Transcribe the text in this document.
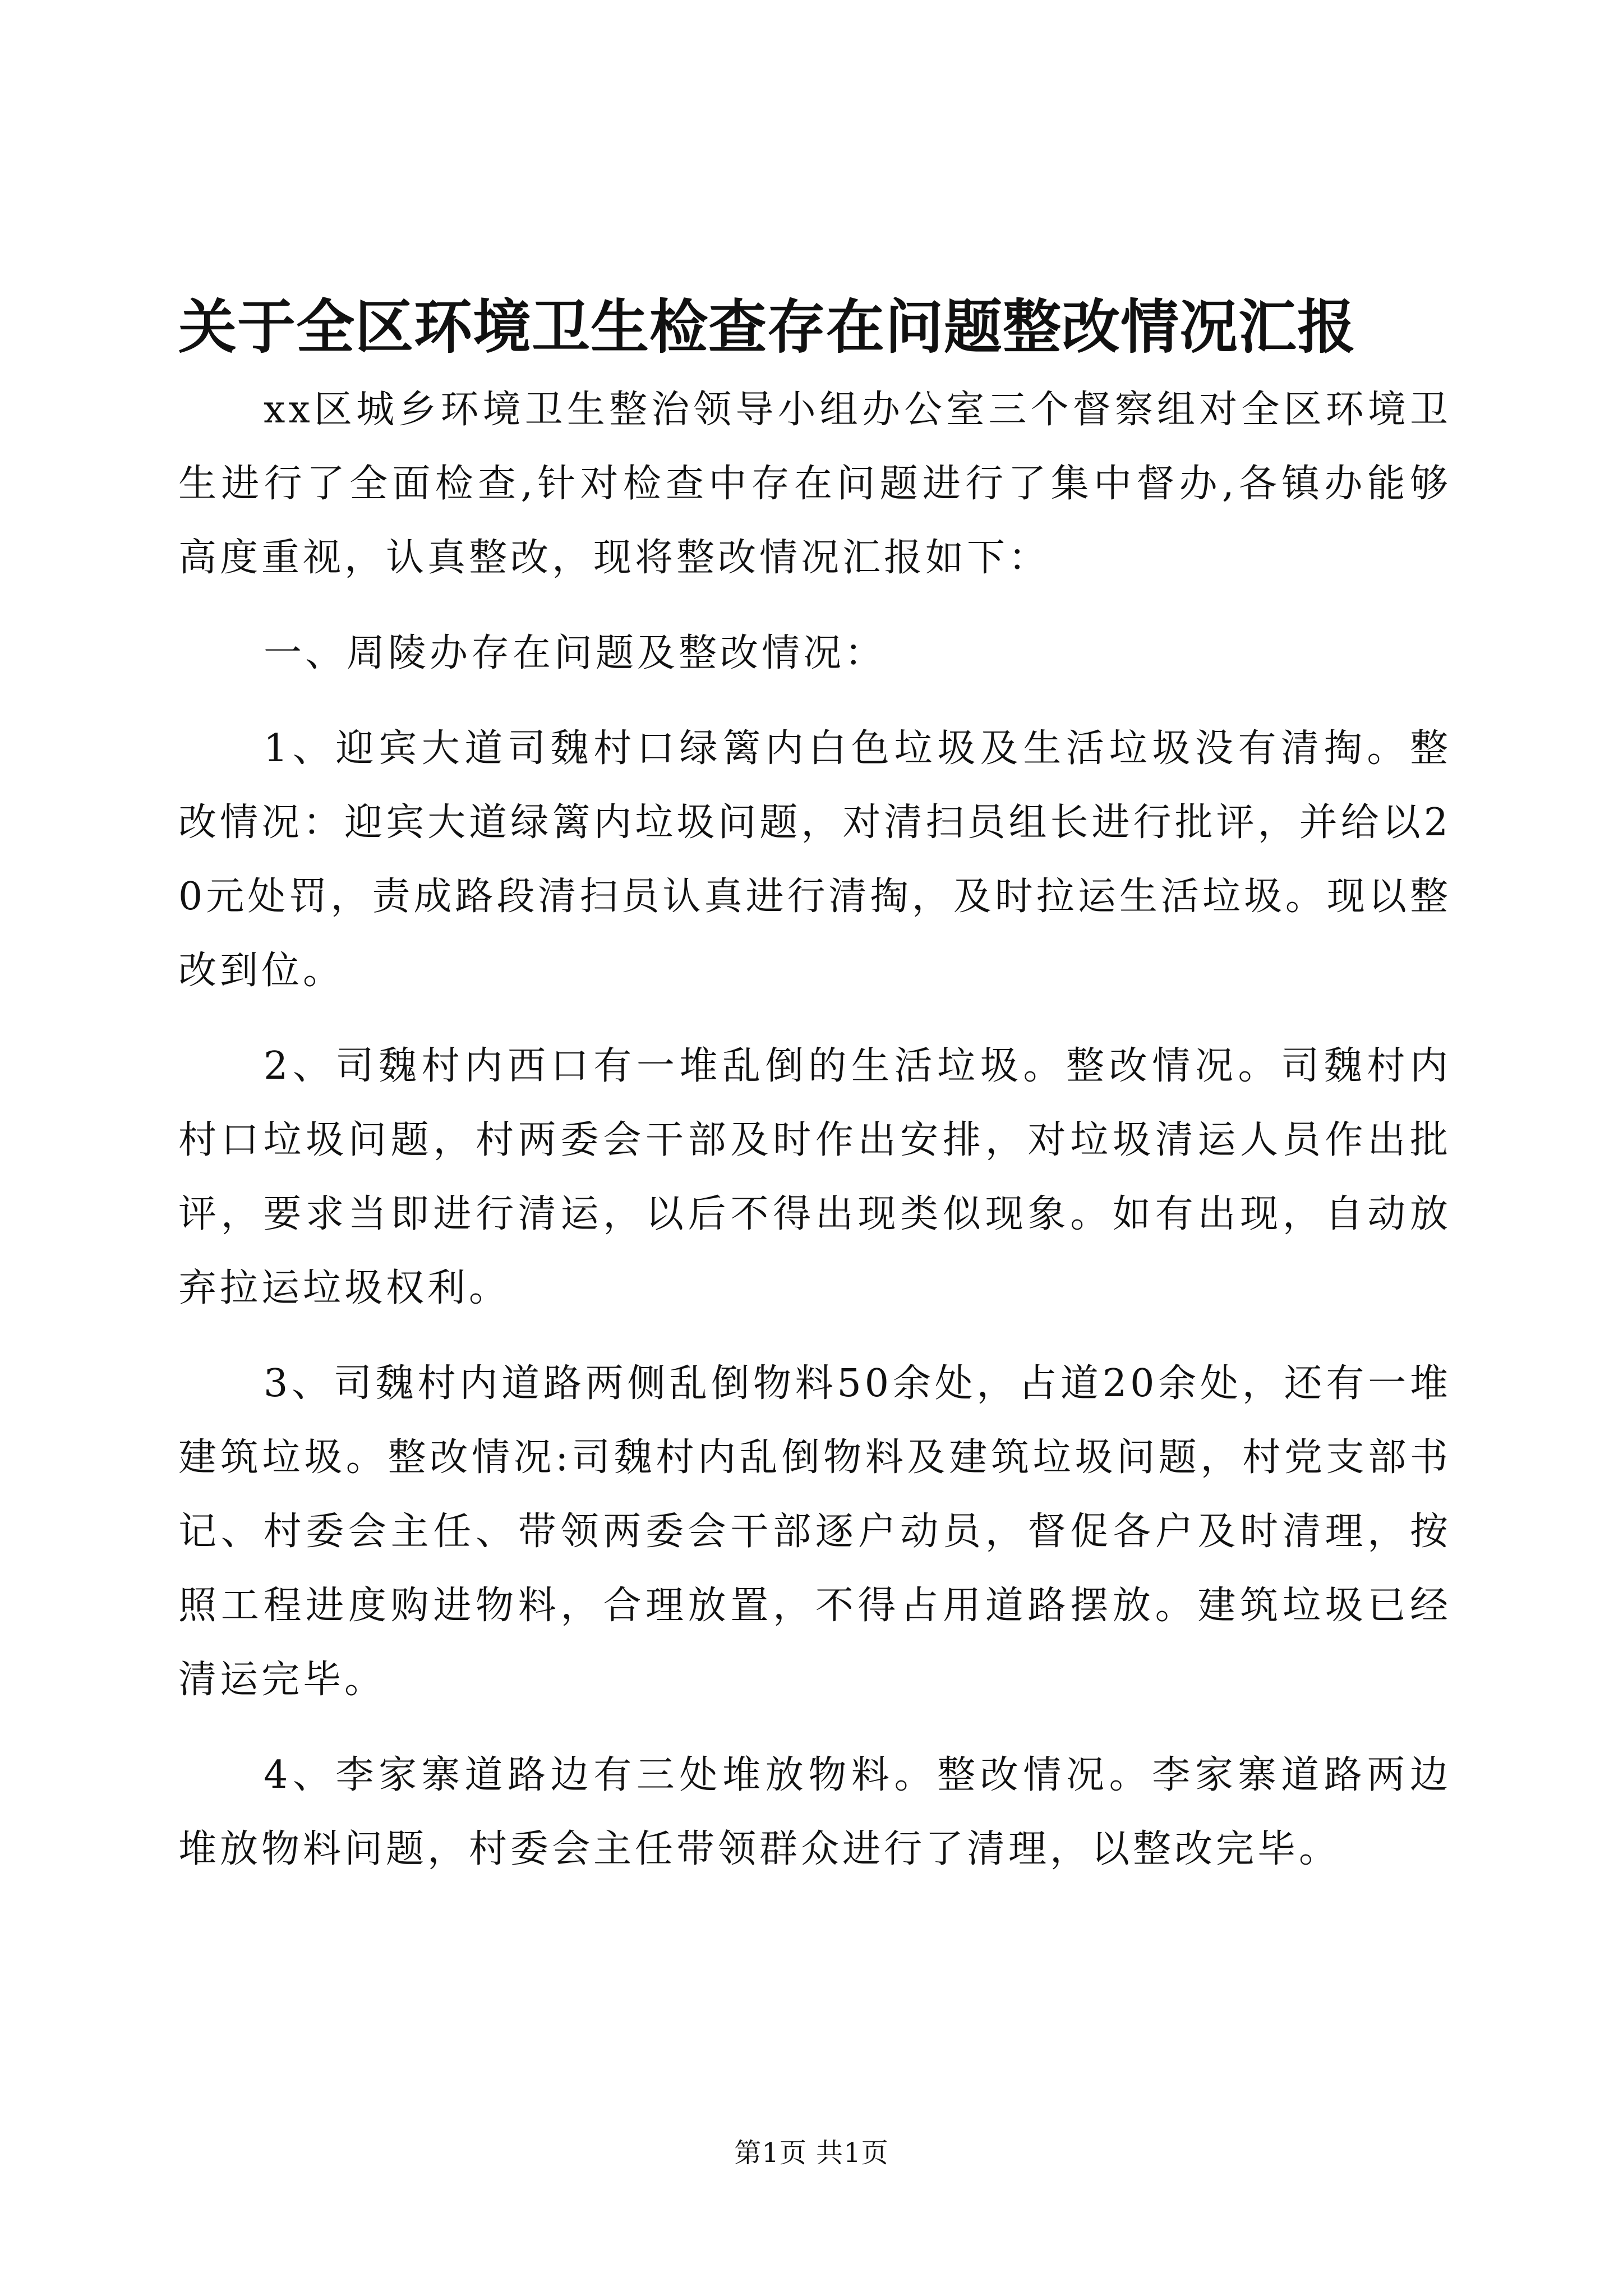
关于全区环境卫生检查存在问题整改情况汇报

xx区城乡环境卫生整治领导小组办公室三个督察组对全区环境卫生进行了全面检查,针对检查中存在问题进行了集中督办,各镇办能够高度重视，认真整改，现将整改情况汇报如下：

一、周陵办存在问题及整改情况：

1、迎宾大道司魏村口绿篱内白色垃圾及生活垃圾没有清掏。整改情况：迎宾大道绿篱内垃圾问题，对清扫员组长进行批评，并给以20元处罚，责成路段清扫员认真进行清掏，及时拉运生活垃圾。现以整改到位。

2、司魏村内西口有一堆乱倒的生活垃圾。整改情况。司魏村内村口垃圾问题，村两委会干部及时作出安排，对垃圾清运人员作出批评，要求当即进行清运，以后不得出现类似现象。如有出现，自动放弃拉运垃圾权利。

3、司魏村内道路两侧乱倒物料50余处，占道20余处，还有一堆建筑垃圾。整改情况:司魏村内乱倒物料及建筑垃圾问题，村党支部书记、村委会主任、带领两委会干部逐户动员，督促各户及时清理，按照工程进度购进物料，合理放置，不得占用道路摆放。建筑垃圾已经清运完毕。

4、李家寨道路边有三处堆放物料。整改情况。李家寨道路两边堆放物料问题，村委会主任带领群众进行了清理，以整改完毕。

第1页 共1页
